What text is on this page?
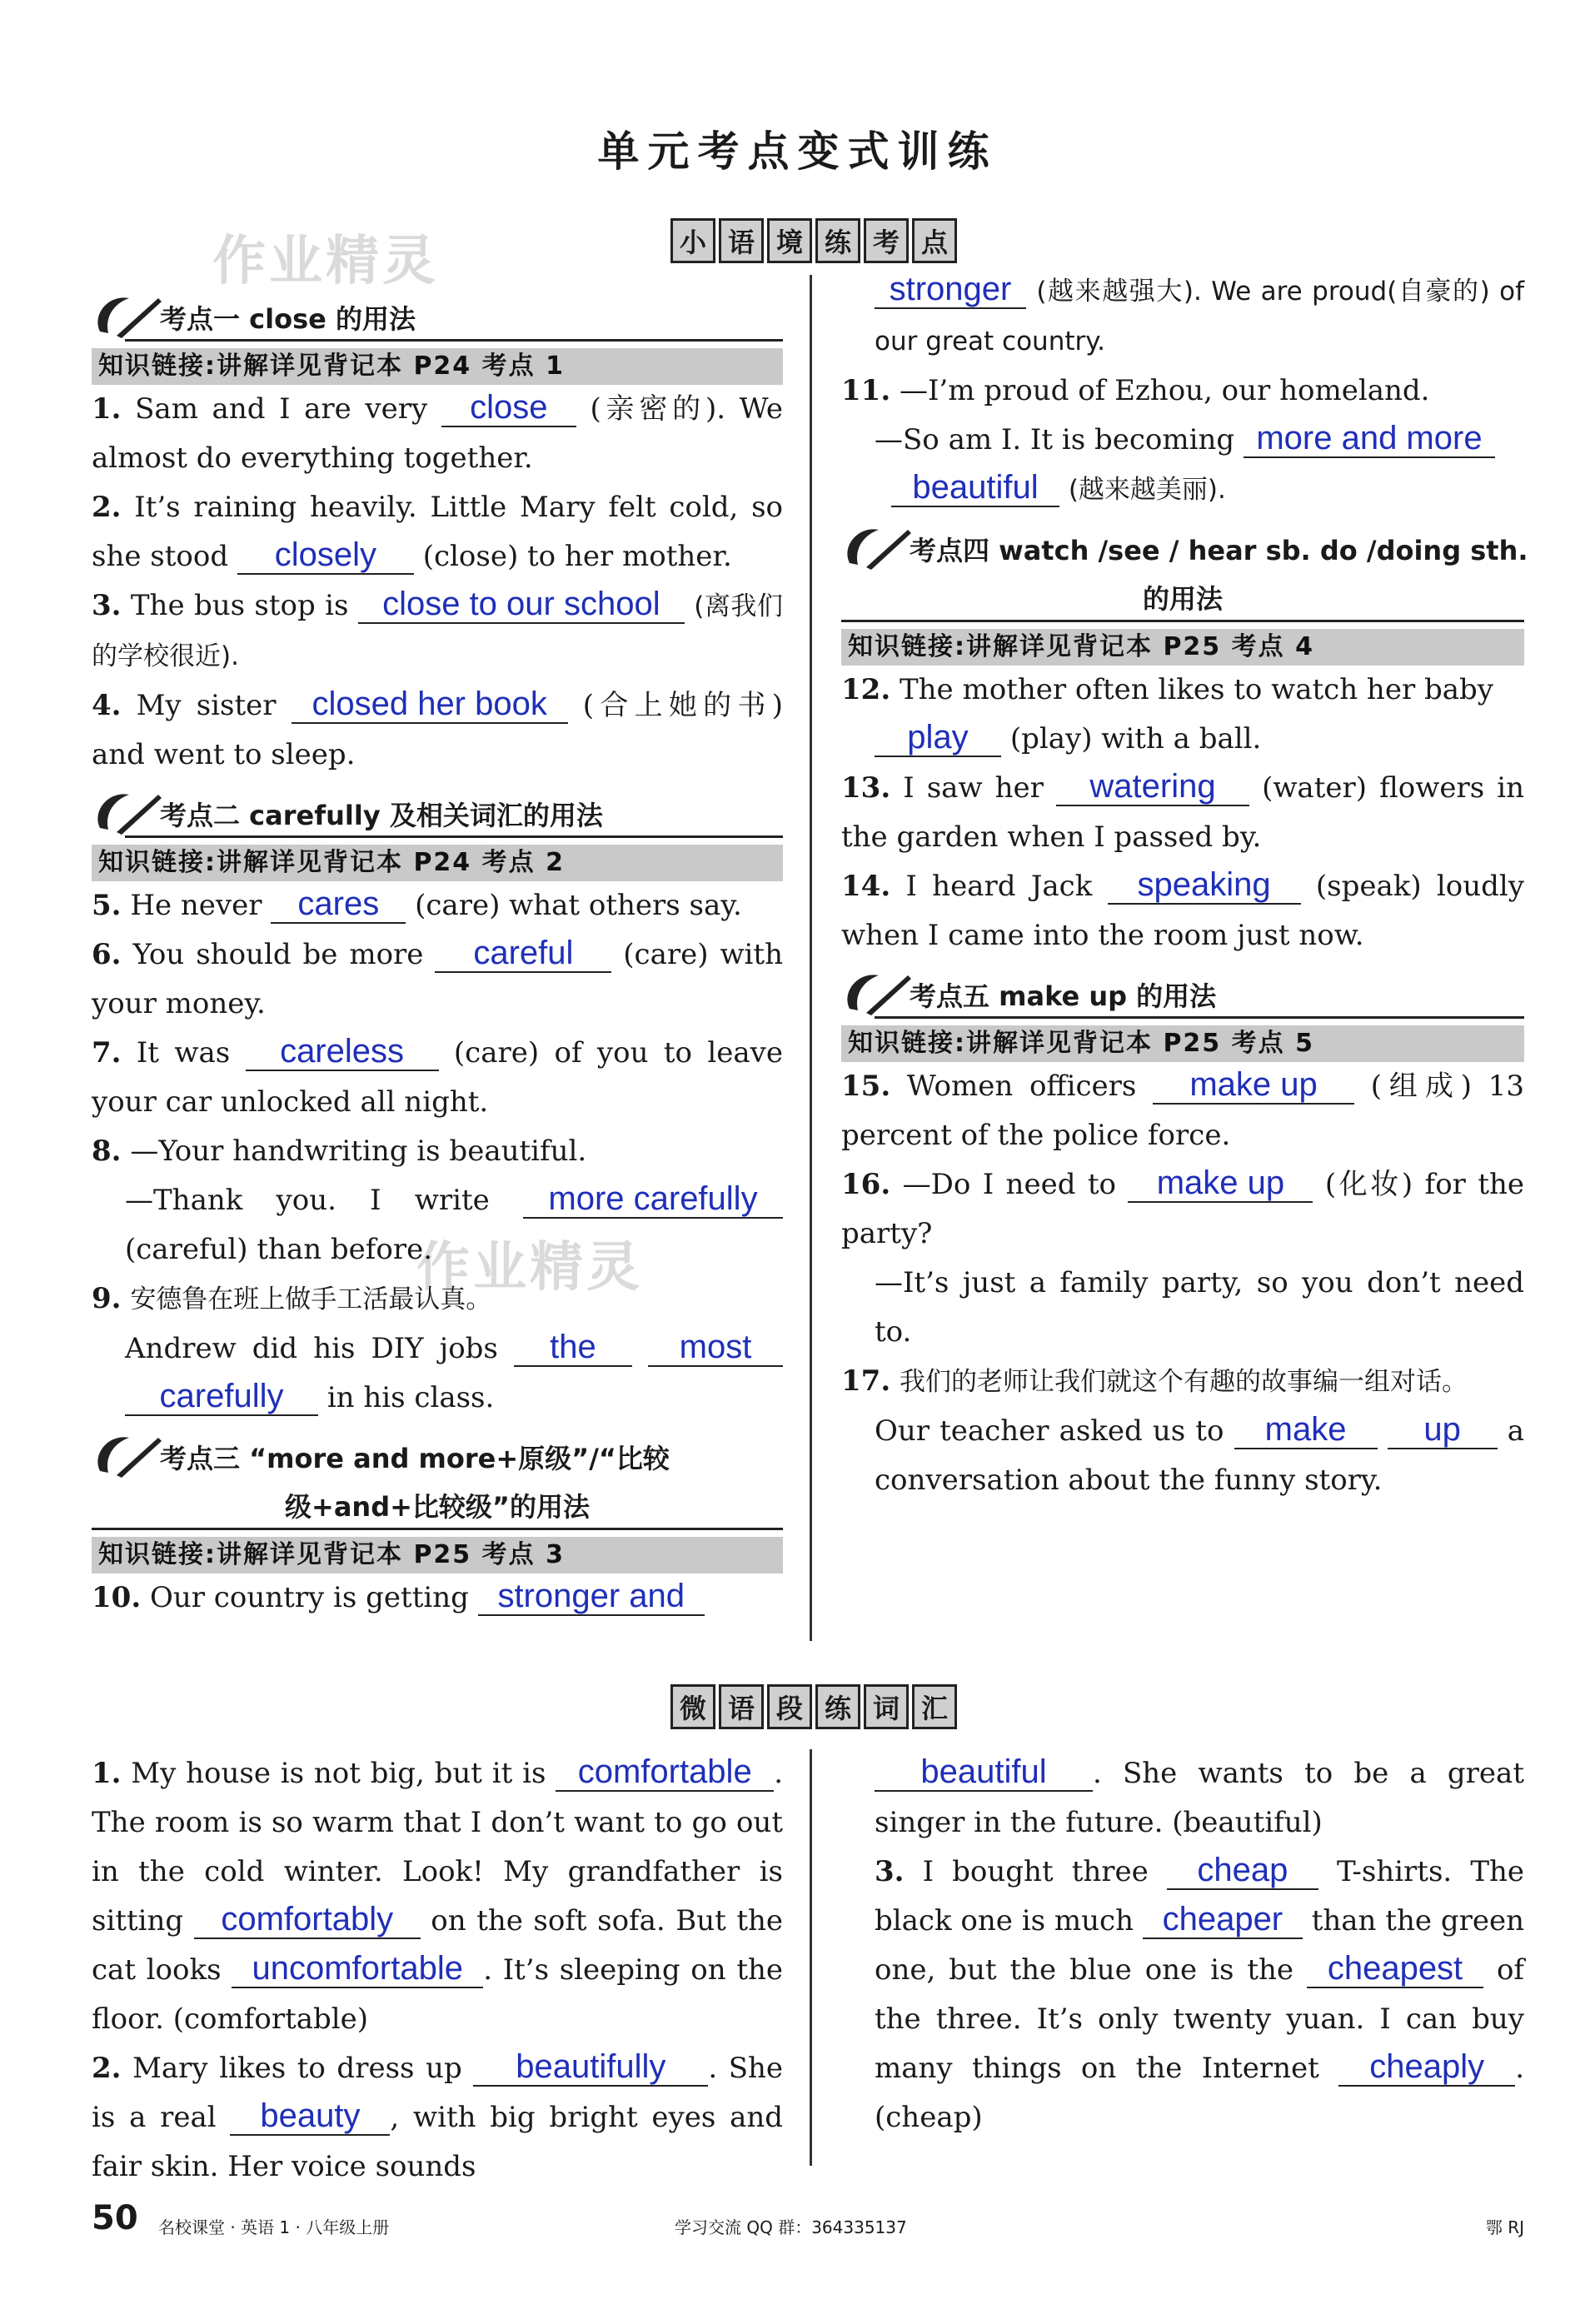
单元考点变式训练
作业精灵
作业精灵
小 语 境 练 考 点
考点一 close 的用法
知识链接:讲解详见背记本 P24 考点 1
1. Sam and I are very close (亲密的). We almost do everything together.
2. It’s raining heavily. Little Mary felt cold, so she stood closely (close) to her mother.
3. The bus stop is close to our school (离我们的学校很近).
4. My sister closed her book (合上她的书) and went to sleep.
考点二 carefully 及相关词汇的用法
知识链接:讲解详见背记本 P24 考点 2
5. He never cares (care) what others say.
6. You should be more careful (care) with your money.
7. It was careless (care) of you to leave your car unlocked all night.
8. —Your handwriting is beautiful.
—Thank you. I write more carefully (careful) than before.
9. 安德鲁在班上做手工活最认真。
Andrew did his DIY jobs the most carefully in his class.
考点三 “more and more+原级”/“比较
级+and+比较级”的用法
知识链接:讲解详见背记本 P25 考点 3
10. Our country is getting stronger and
stronger (越来越强大). We are proud(自豪的) of our great country.
11. —I’m proud of Ezhou, our homeland.
—So am I. It is becoming more and more
beautiful (越来越美丽).
考点四 watch /see / hear sb. do /doing sth.
的用法
知识链接:讲解详见背记本 P25 考点 4
12. The mother often likes to watch her baby
play (play) with a ball.
13. I saw her watering (water) flowers in the garden when I passed by.
14. I heard Jack speaking (speak) loudly when I came into the room just now.
考点五 make up 的用法
知识链接:讲解详见背记本 P25 考点 5
15. Women officers make up (组成) 13 percent of the police force.
16. —Do I need to make up (化妆) for the party?
—It’s just a family party, so you don’t need to.
17. 我们的老师让我们就这个有趣的故事编一组对话。
Our teacher asked us to make up a conversation about the funny story.
微 语 段 练 词 汇
1. My house is not big, but it is comfortable . The room is so warm that I don’t want to go out in the cold winter. Look! My grandfather is sitting comfortably on the soft sofa. But the cat looks uncomfortable . It’s sleeping on the floor. (comfortable)
2. Mary likes to dress up beautifully . She is a real beauty , with big bright eyes and fair skin. Her voice sounds
beautiful . She wants to be a great singer in the future. (beautiful)
3. I bought three cheap T-shirts. The black one is much cheaper than the green one, but the blue one is the cheapest of the three. It’s only twenty yuan. I can buy many things on the Internet cheaply . (cheap)
50 名校课堂 · 英语 1 · 八年级上册	学习交流 QQ 群：364335137	鄂 RJ
